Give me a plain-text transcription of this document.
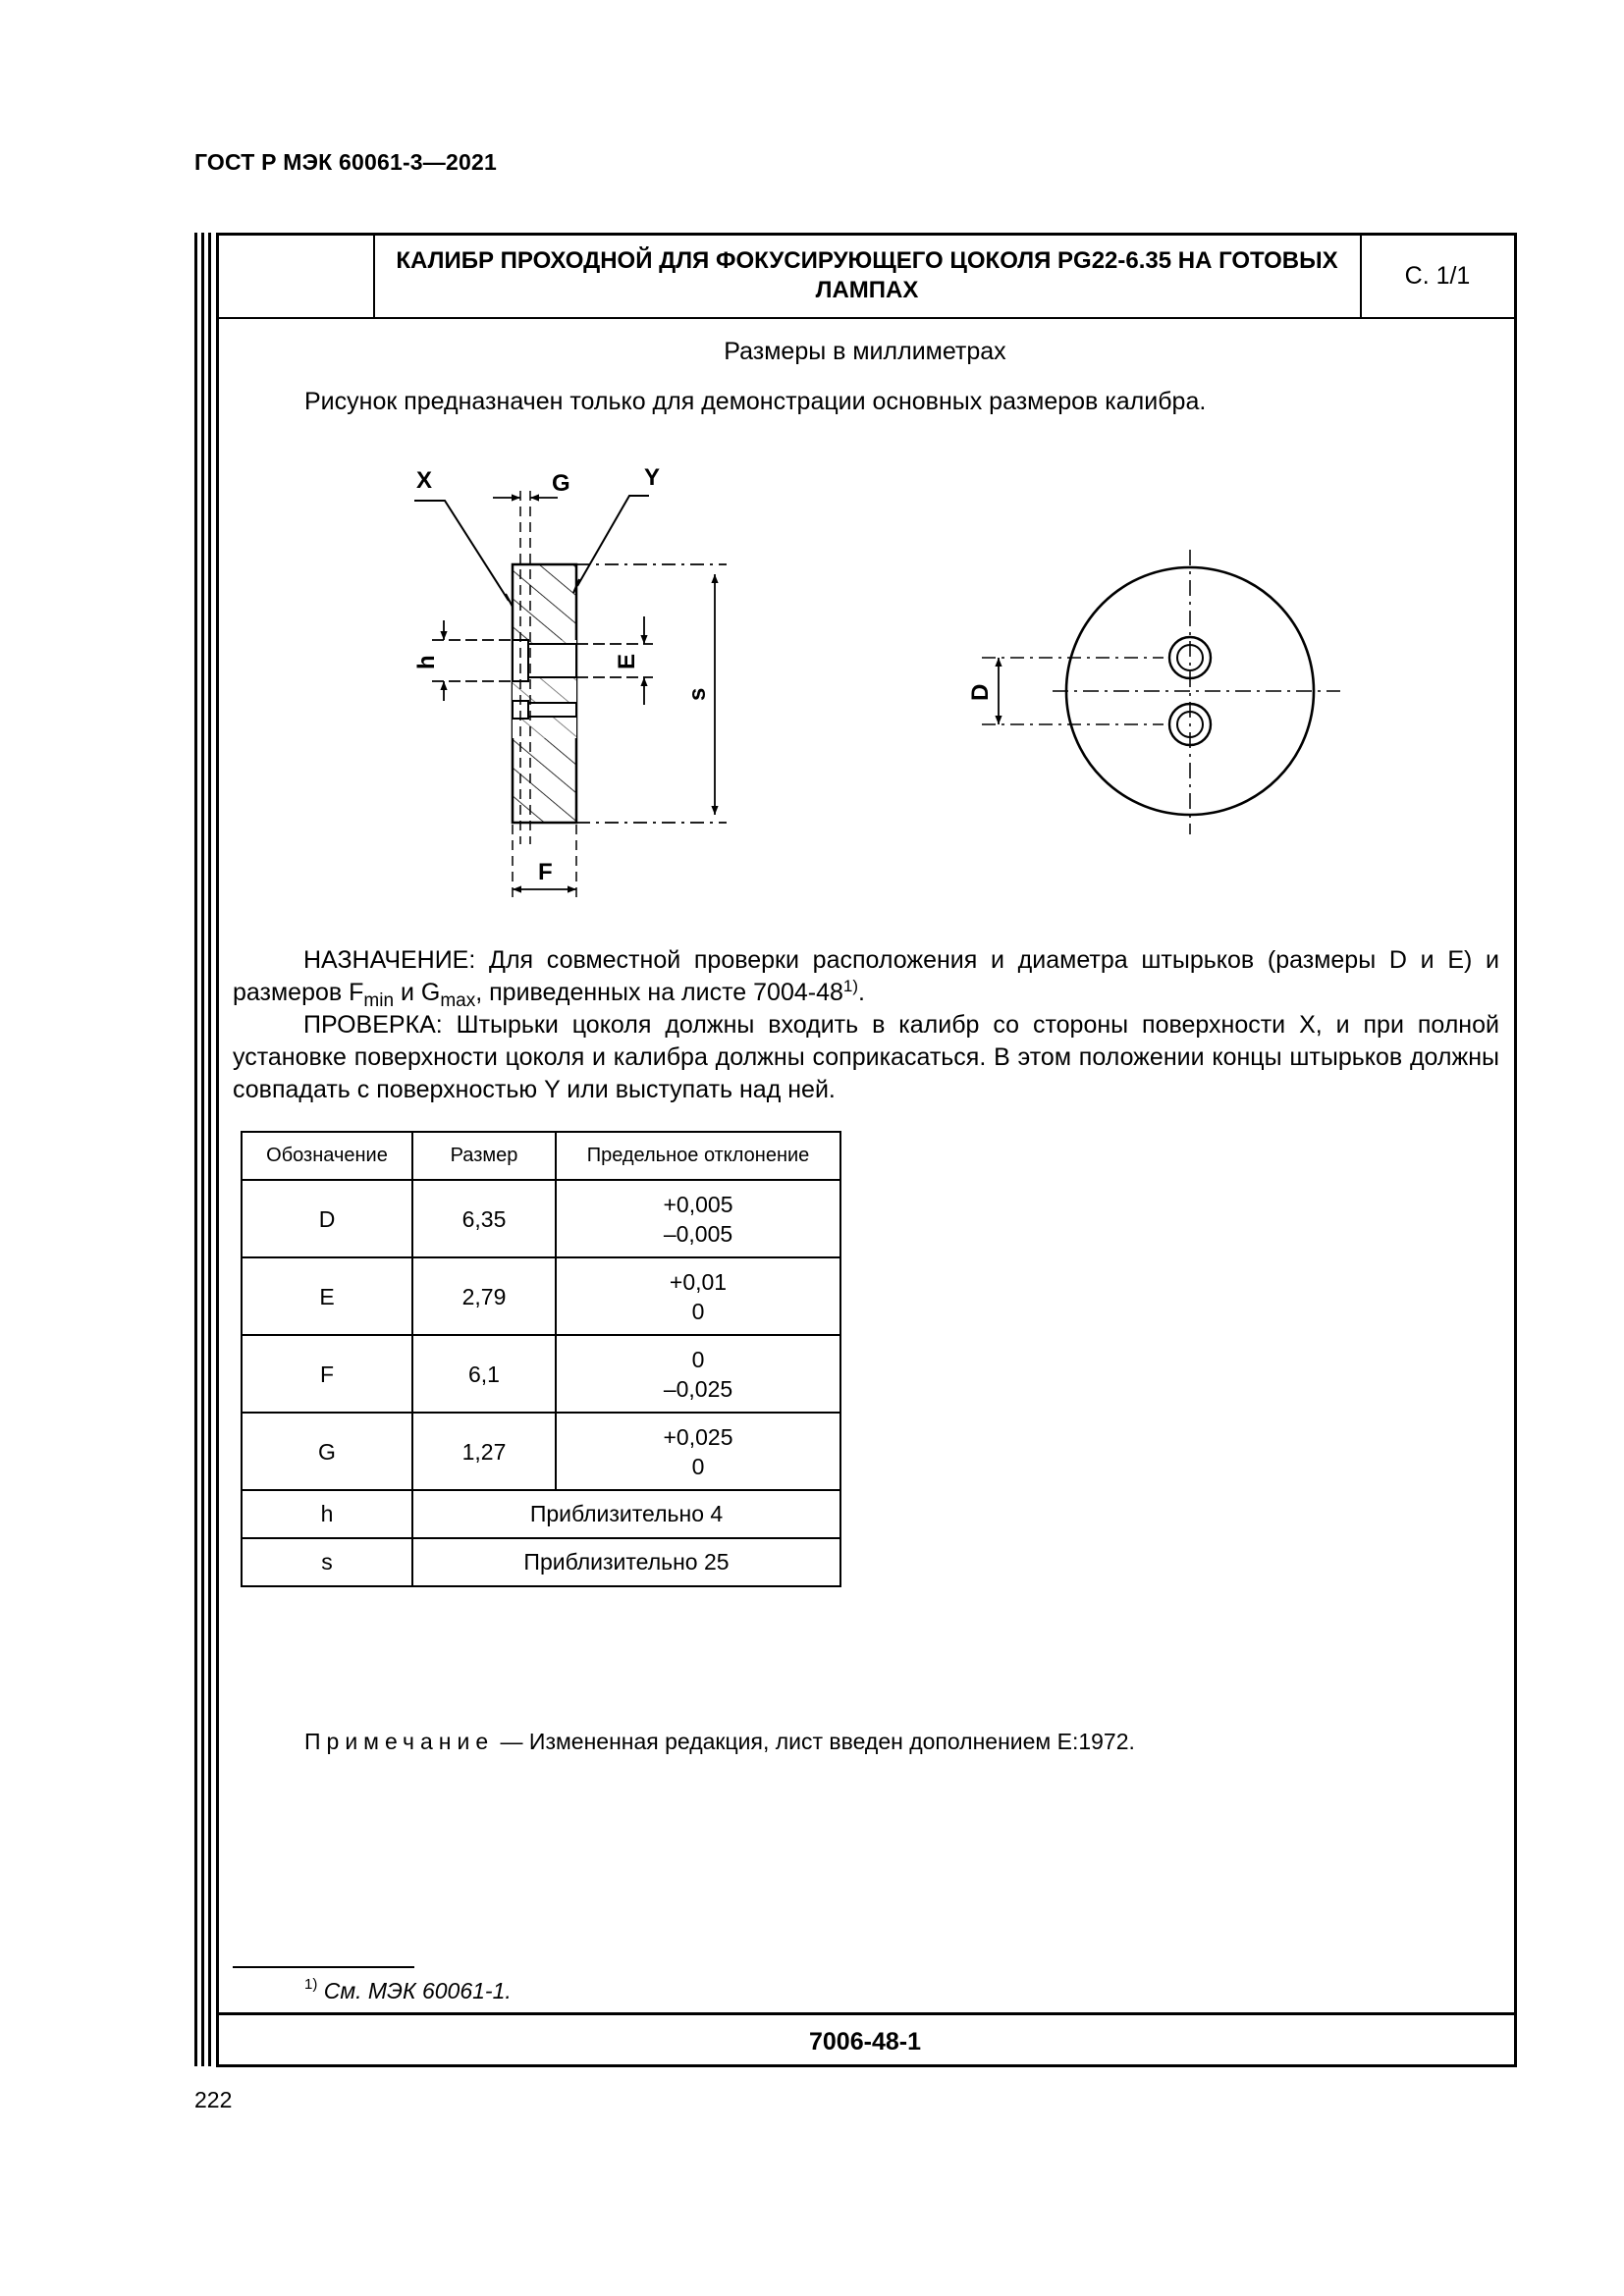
ГОСТ Р МЭК 60061-3—2021
КАЛИБР ПРОХОДНОЙ ДЛЯ ФОКУСИРУЮЩЕГО ЦОКОЛЯ PG22-6.35 НА ГОТОВЫХ ЛАМПАХ
С. 1/1
Размеры в миллиметрах
Рисунок предназначен только для демонстрации основных размеров калибра.
X	G	Y
h	E
s
F
D

НАЗНАЧЕНИЕ: Для совместной проверки расположения и диаметра штырьков (размеры D и E) и размеров $F_{min}$ и $G_{max}$, приведенных на листе 7004-48$^{1)}$.

ПРОВЕРКА: Штырьки цоколя должны входить в калибр со стороны поверхности X, и при полной установке поверхности цоколя и калибра должны соприкасаться. В этом положении концы штырьков должны совпадать с поверхностью Y или выступать над ней.

Обозначение	Размер	Предельное отклонение
D	6,35	+0,005
–0,005

E	2,79	+0,01
0

F	6,1	0
–0,025

G	1,27	+0,025
0

h	Приблизительно 4	
s	Приблизительно 25	
Примечание — Измененная редакция, лист введен дополнением E:1972.
$^{1)}$ См. МЭК 60061-1.
7006-48-1
222
